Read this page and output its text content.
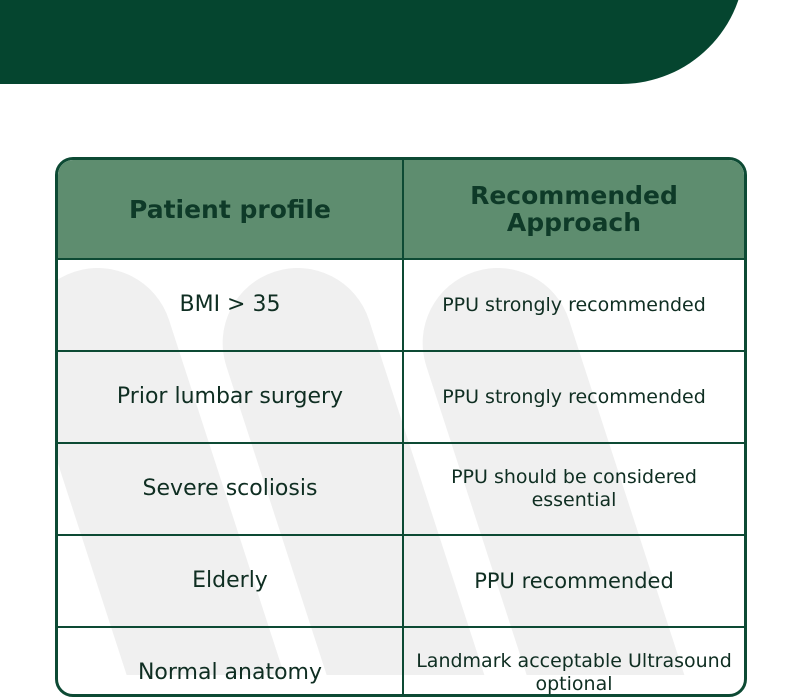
Patient profile	Recommended Approach
BMI > 35	PPU strongly recommended
Prior lumbar surgery	PPU strongly recommended
Severe scoliosis	PPU should be considered essential
Elderly	PPU recommended
Normal anatomy	Landmark acceptable Ultrasound optional
